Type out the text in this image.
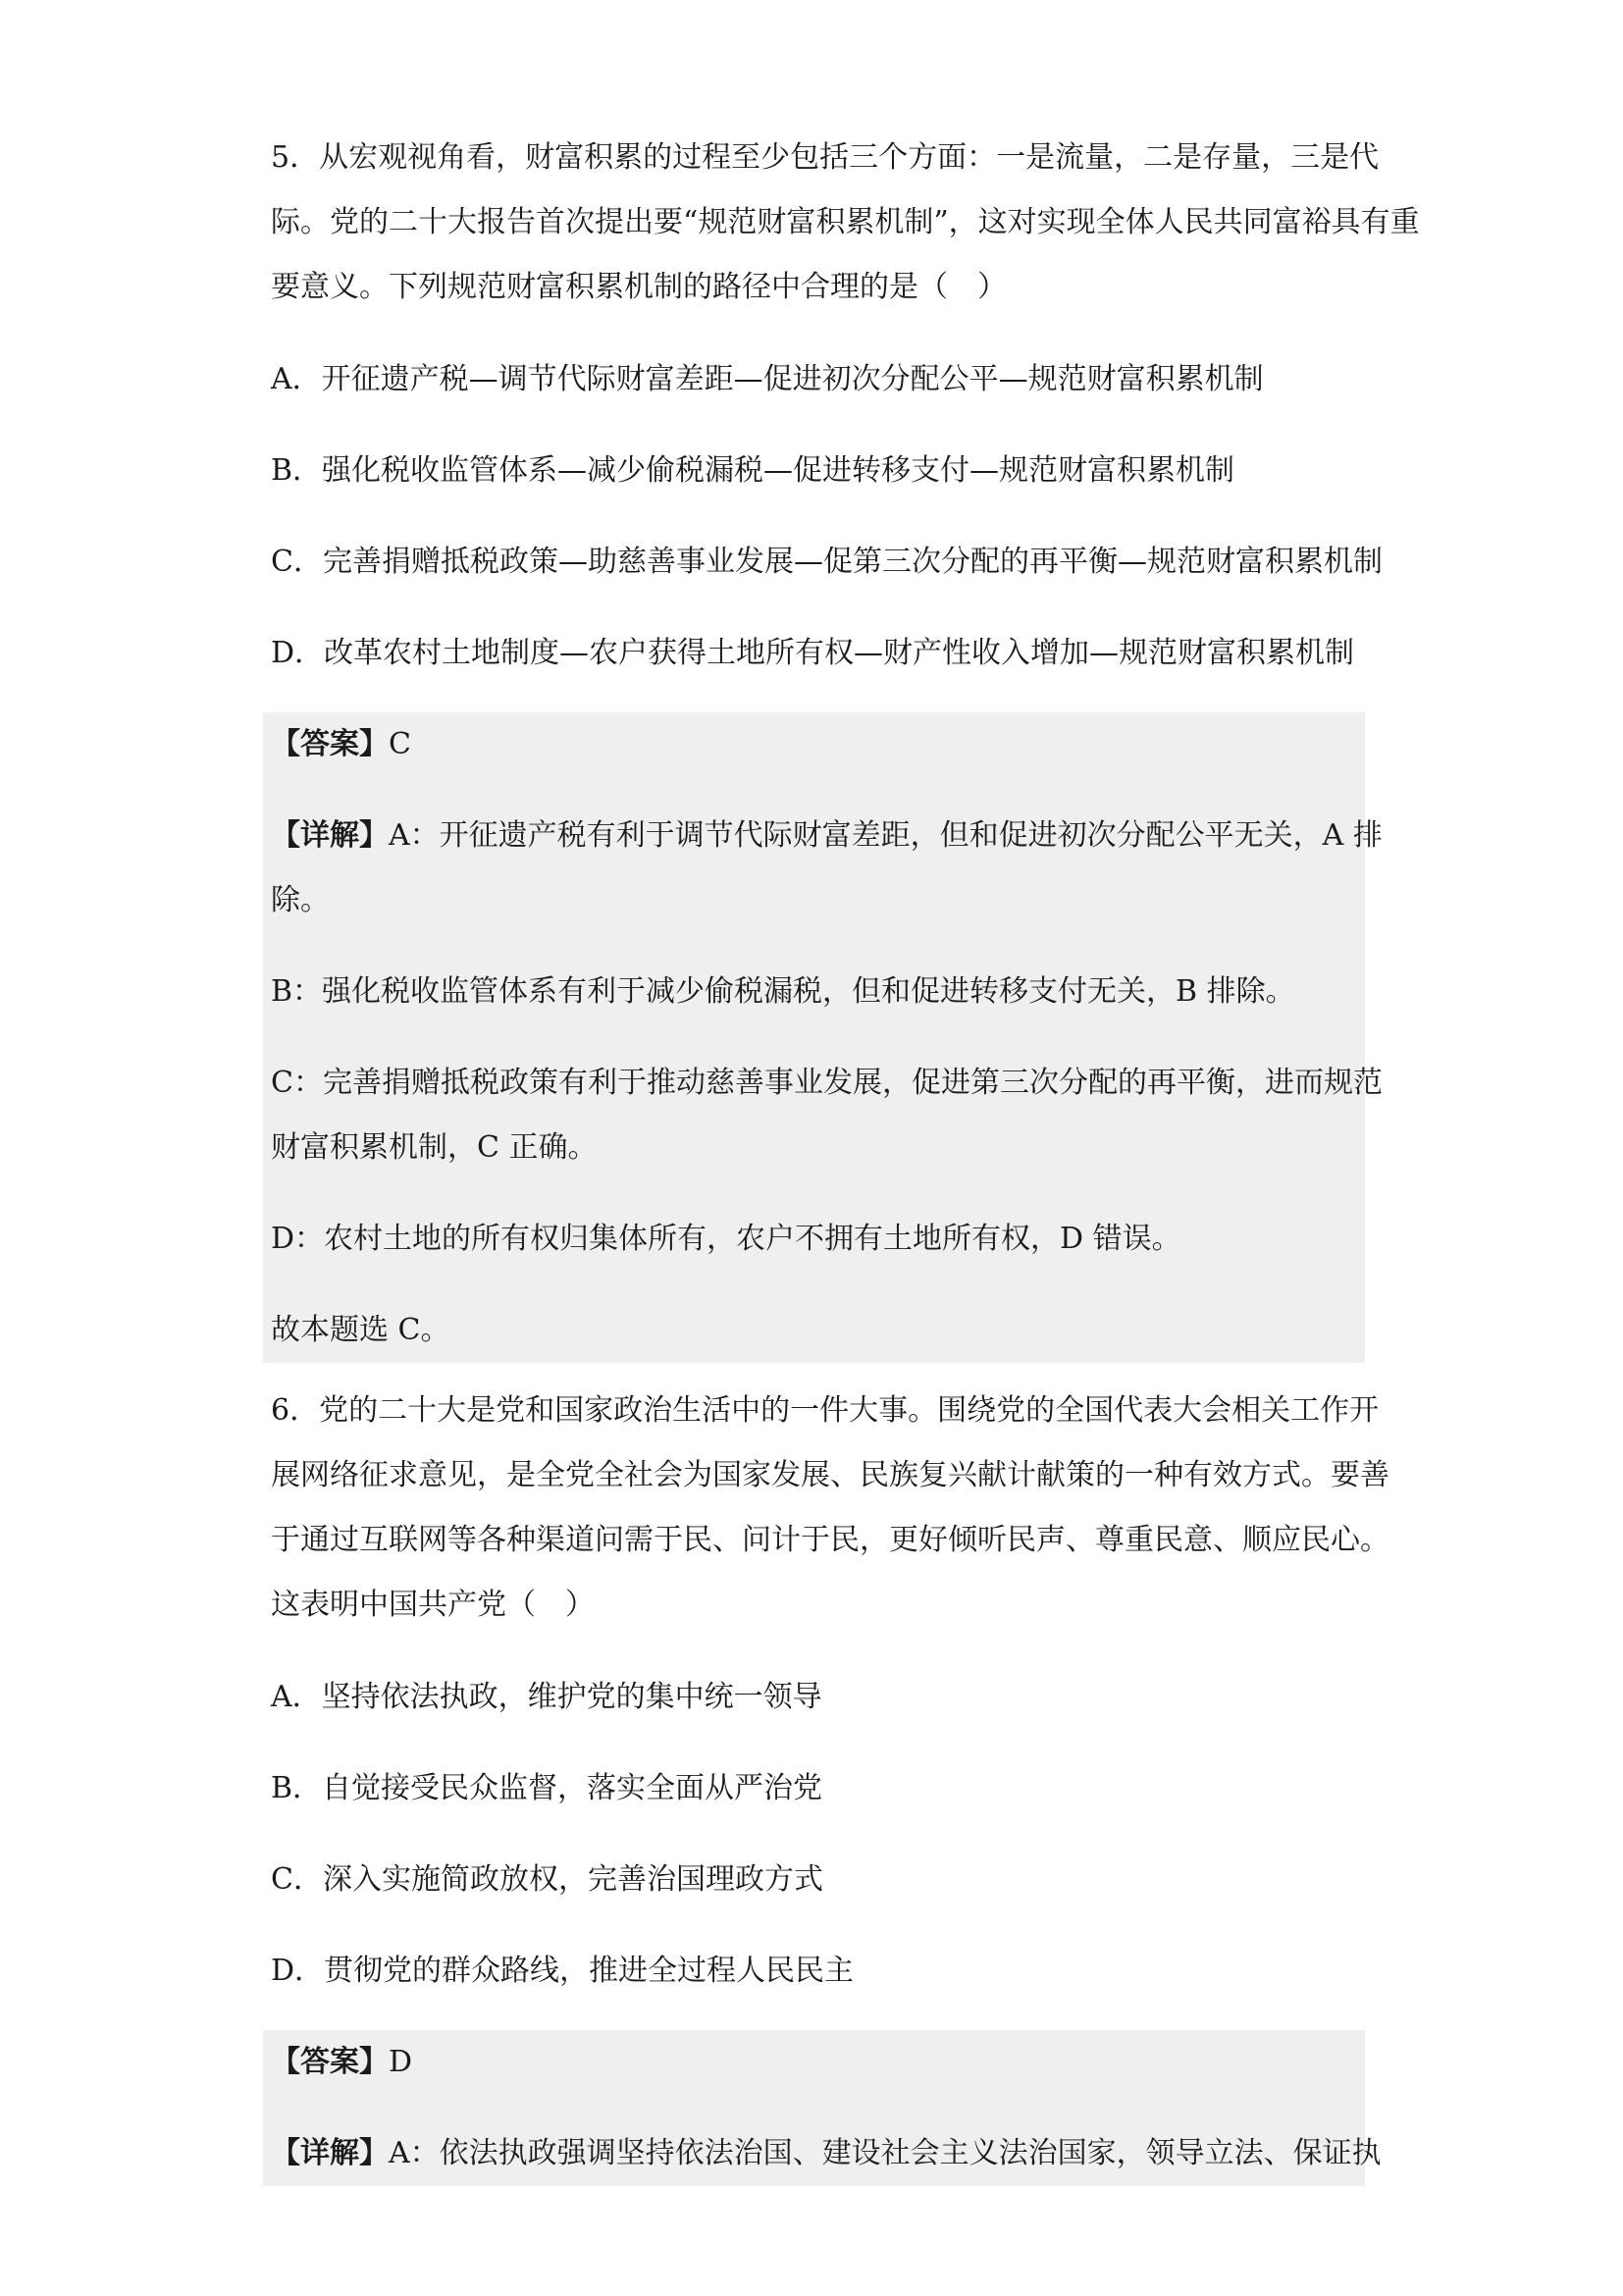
5．从宏观视角看，财富积累的过程至少包括三个方面：一是流量，二是存量，三是代

际。党的二十大报告首次提出要“规范财富积累机制”，这对实现全体人民共同富裕具有重

要意义。下列规范财富积累机制的路径中合理的是（　）

A．开征遗产税—调节代际财富差距—促进初次分配公平—规范财富积累机制

B．强化税收监管体系—减少偷税漏税—促进转移支付—规范财富积累机制

C．完善捐赠抵税政策—助慈善事业发展—促第三次分配的再平衡—规范财富积累机制

D．改革农村土地制度—农户获得土地所有权—财产性收入增加—规范财富积累机制

【答案】C

【详解】A：开征遗产税有利于调节代际财富差距，但和促进初次分配公平无关，A 排

除。

B：强化税收监管体系有利于减少偷税漏税，但和促进转移支付无关，B 排除。

C：完善捐赠抵税政策有利于推动慈善事业发展，促进第三次分配的再平衡，进而规范

财富积累机制，C 正确。

D：农村土地的所有权归集体所有，农户不拥有土地所有权，D 错误。

故本题选 C。

6．党的二十大是党和国家政治生活中的一件大事。围绕党的全国代表大会相关工作开

展网络征求意见，是全党全社会为国家发展、民族复兴献计献策的一种有效方式。要善

于通过互联网等各种渠道问需于民、问计于民，更好倾听民声、尊重民意、顺应民心。

这表明中国共产党（　）

A．坚持依法执政，维护党的集中统一领导

B．自觉接受民众监督，落实全面从严治党

C．深入实施简政放权，完善治国理政方式

D．贯彻党的群众路线，推进全过程人民民主

【答案】D

【详解】A：依法执政强调坚持依法治国、建设社会主义法治国家，领导立法、保证执
